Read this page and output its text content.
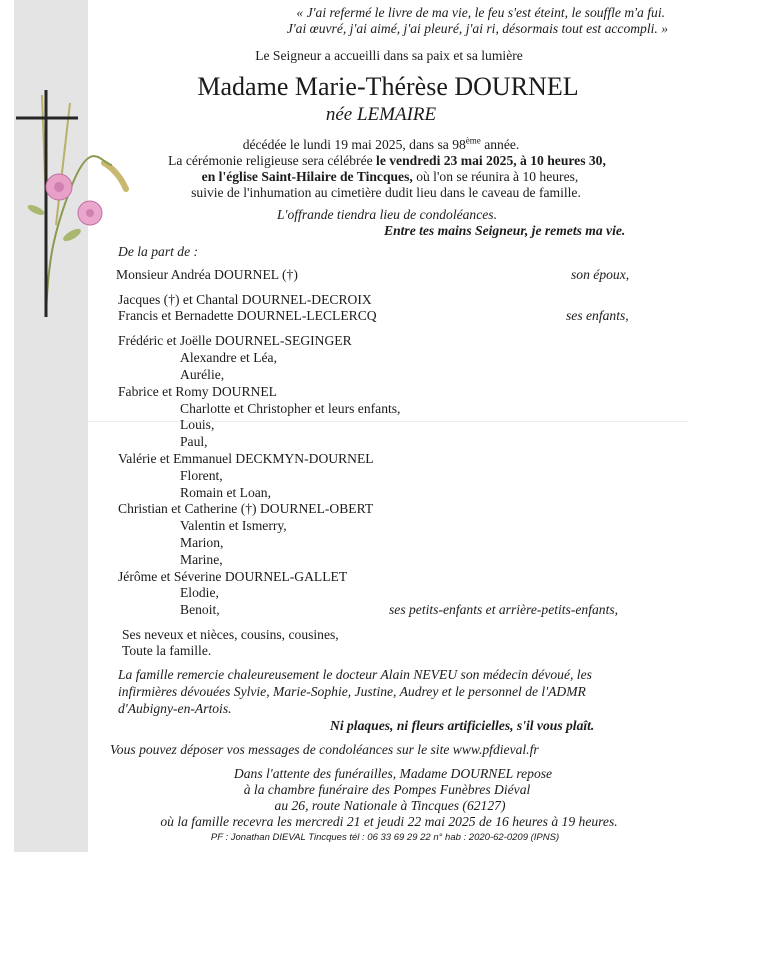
« J'ai refermé le livre de ma vie, le feu s'est éteint, le souffle m'a fui.
J'ai œuvré, j'ai aimé, j'ai pleuré, j'ai ri, désormais tout est accompli. »
Le Seigneur a accueilli dans sa paix et sa lumière
Madame Marie-Thérèse DOURNEL
née LEMAIRE
décédée le lundi 19 mai 2025, dans sa 98ème année.
La cérémonie religieuse sera célébrée le vendredi 23 mai 2025, à 10 heures 30,
en l'église Saint-Hilaire de Tincques, où l'on se réunira à 10 heures,
suivie de l'inhumation au cimetière dudit lieu dans le caveau de famille.
L'offrande tiendra lieu de condoléances.
Entre tes mains Seigneur, je remets ma vie.
De la part de :
Monsieur Andréa DOURNEL (†)	son époux,
Jacques (†) et Chantal DOURNEL-DECROIX
Francis et Bernadette DOURNEL-LECLERCQ	ses enfants,
Frédéric et Joëlle DOURNEL-SEGINGER
Alexandre et Léa,
Aurélie,
Fabrice et Romy DOURNEL
Charlotte et Christopher et leurs enfants,
Louis,
Paul,
Valérie et Emmanuel DECKMYN-DOURNEL
Florent,
Romain et Loan,
Christian et Catherine (†) DOURNEL-OBERT
Valentin et Ismerry,
Marion,
Marine,
Jérôme et Séverine DOURNEL-GALLET
Elodie,
Benoit,	ses petits-enfants et arrière-petits-enfants,
Ses neveux et nièces, cousins, cousines,
Toute la famille.
La famille remercie chaleureusement le docteur Alain NEVEU son médecin dévoué, les
infirmières dévouées Sylvie, Marie-Sophie, Justine, Audrey et le personnel de l'ADMR
d'Aubigny-en-Artois.
Ni plaques, ni fleurs artificielles, s'il vous plaît.
Vous pouvez déposer vos messages de condoléances sur le site www.pfdieval.fr
Dans l'attente des funérailles, Madame DOURNEL repose
à la chambre funéraire des Pompes Funèbres Diéval
au 26, route Nationale à Tincques (62127)
où la famille recevra les mercredi 21 et jeudi 22 mai 2025 de 16 heures à 19 heures.
PF : Jonathan DIEVAL Tincques tél : 06 33 69 29 22 n° hab : 2020-62-0209 (IPNS)
